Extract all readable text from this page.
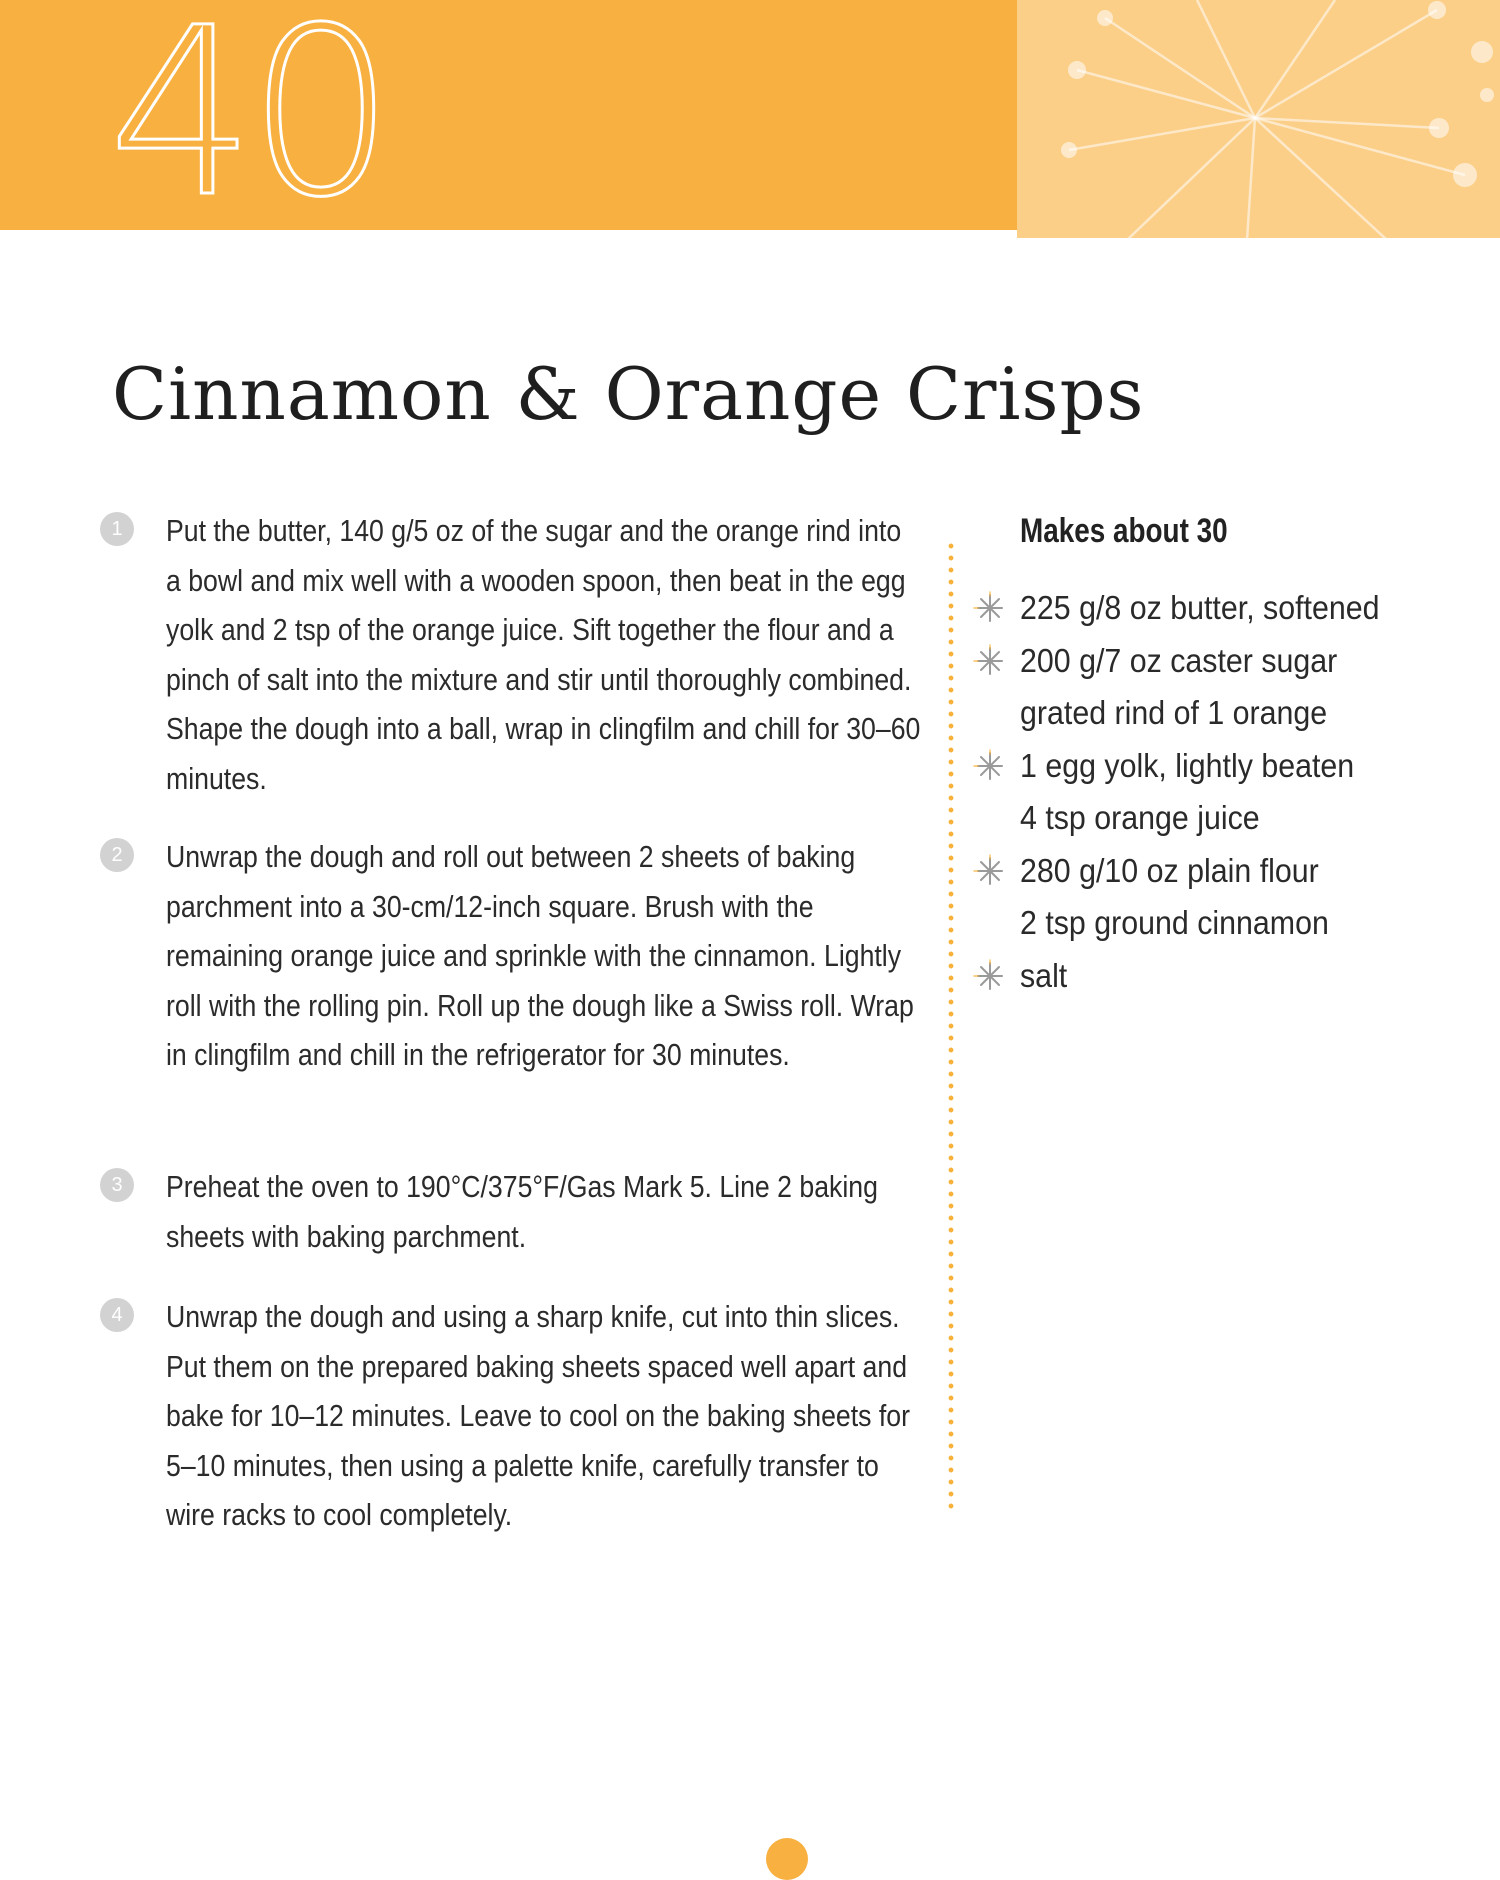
40
Cinnamon & Orange Crisps
1	Put the butter, 140 g/5 oz of the sugar and the orange rind into a bowl and mix well with a wooden spoon, then beat in the egg yolk and 2 tsp of the orange juice. Sift together the flour and a pinch of salt into the mixture and stir until thoroughly combined. Shape the dough into a ball, wrap in clingfilm and chill for 30–60 minutes.
2	Unwrap the dough and roll out between 2 sheets of baking parchment into a 30-cm/12-inch square. Brush with the remaining orange juice and sprinkle with the cinnamon. Lightly roll with the rolling pin. Roll up the dough like a Swiss roll. Wrap in clingfilm and chill in the refrigerator for 30 minutes.
3	Preheat the oven to 190°C/375°F/Gas Mark 5. Line 2 baking sheets with baking parchment.
4	Unwrap the dough and using a sharp knife, cut into thin slices. Put them on the prepared baking sheets spaced well apart and bake for 10–12 minutes. Leave to cool on the baking sheets for 5–10 minutes, then using a palette knife, carefully transfer to wire racks to cool completely.
Makes about 30
225 g/8 oz butter, softened
200 g/7 oz caster sugar
grated rind of 1 orange
1 egg yolk, lightly beaten
4 tsp orange juice
280 g/10 oz plain flour
2 tsp ground cinnamon
salt
